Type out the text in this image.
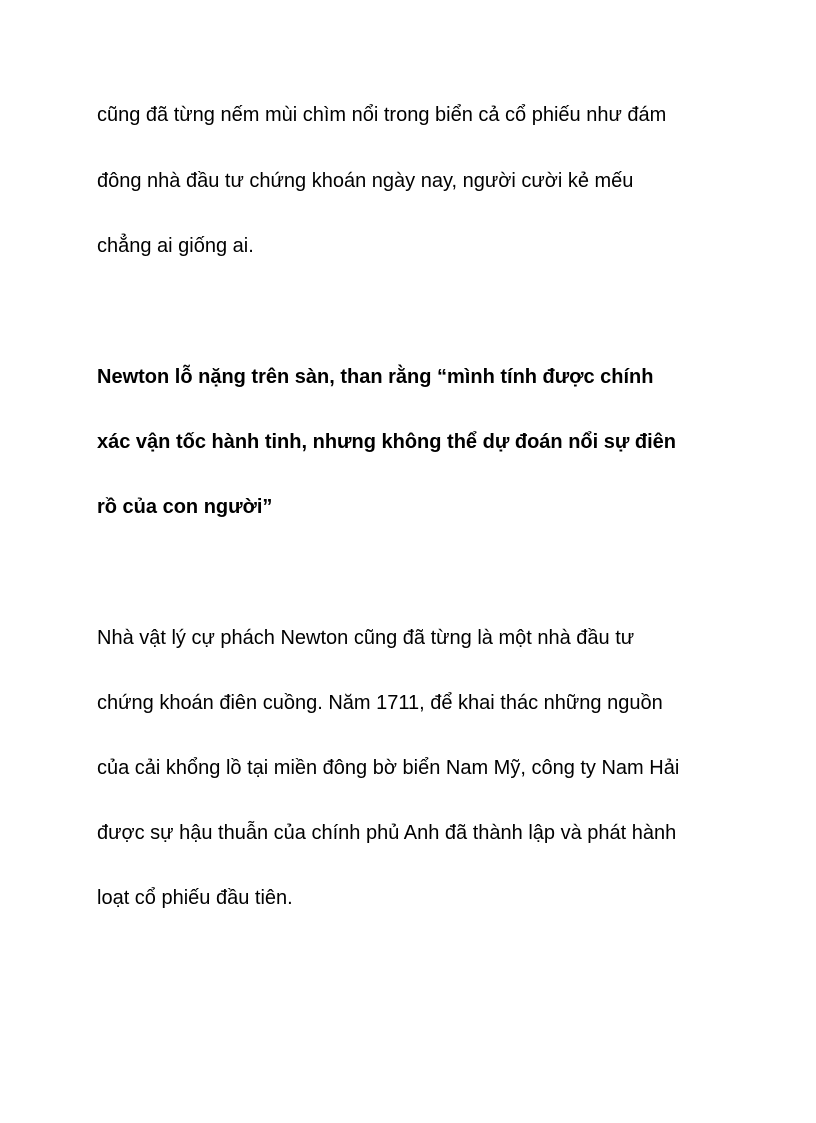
cũng đã từng nếm mùi chìm nổi trong biển cả cổ phiếu như đám
đông nhà đầu tư chứng khoán ngày nay, người cười kẻ mếu
chẳng ai giống ai.
Newton lỗ nặng trên sàn, than rằng “mình tính được chính
xác vận tốc hành tinh, nhưng không thể dự đoán nổi sự điên
rồ của con người”
Nhà vật lý cự phách Newton cũng đã từng là một nhà đầu tư
chứng khoán điên cuồng. Năm 1711, để khai thác những nguồn
của cải khổng lồ tại miền đông bờ biển Nam Mỹ, công ty Nam Hải
được sự hậu thuẫn của chính phủ Anh đã thành lập và phát hành
loạt cổ phiếu đầu tiên.
